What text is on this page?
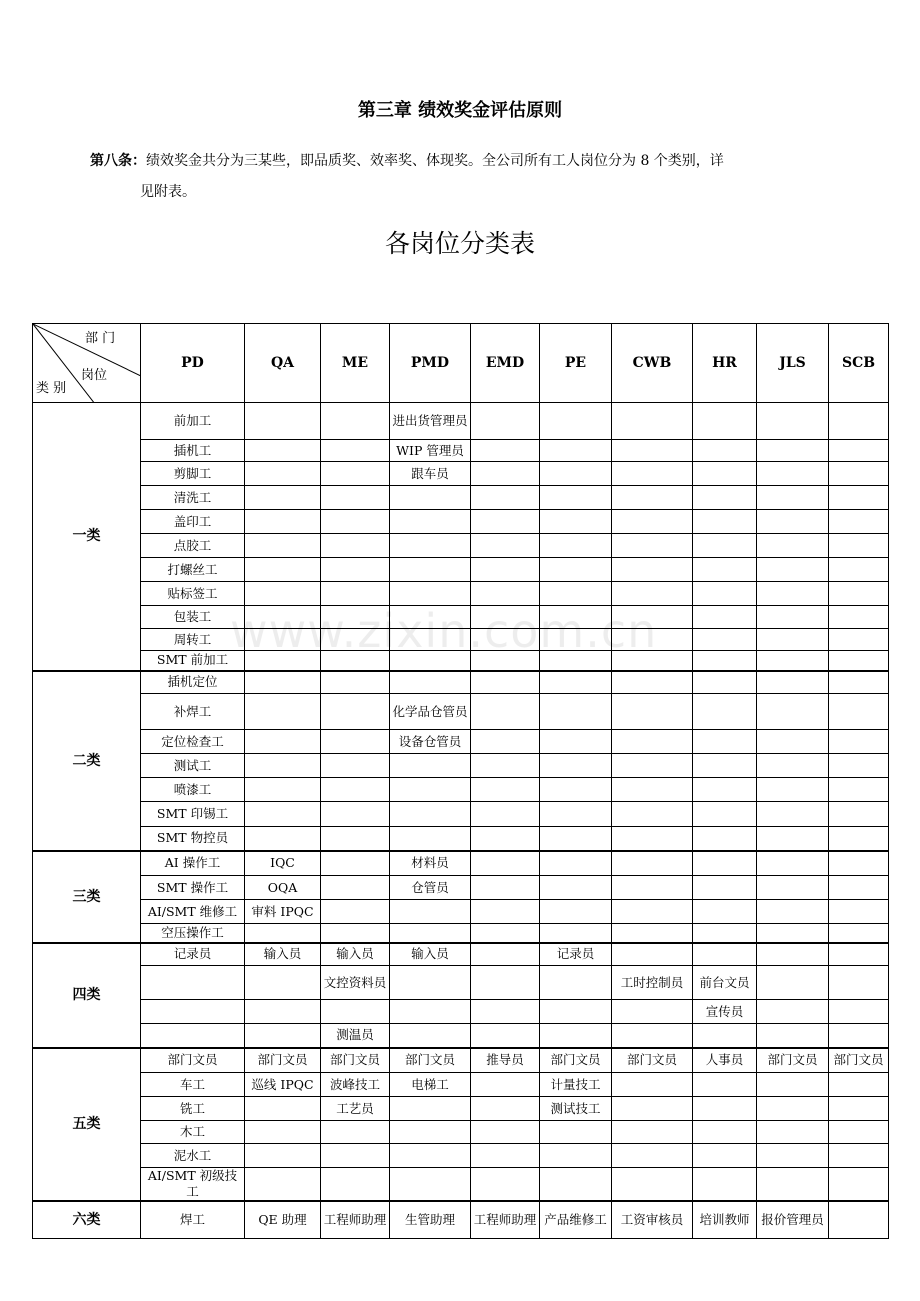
第三章 绩效奖金评估原则
第八条：绩效奖金共分为三某些，即品质奖、效率奖、体现奖。全公司所有工人岗位分为 8 个类别，详
见附表。
各岗位分类表
部 门
岗位
类 别	PD	QA	ME	PMD	EMD	PE	CWB	HR	JLS	SCB
一类	前加工			进出货管理员						
	插机工			WIP 管理员						
	剪脚工			跟车员						
	清洗工									
	盖印工									
	点胶工									
	打螺丝工									
	贴标签工									
	包装工									
	周转工									
	SMT 前加工									
二类	插机定位									
	补焊工			化学品仓管员						
	定位检查工			设备仓管员						
	测试工									
	喷漆工									
	SMT 印锡工									
	SMT 物控员									
三类	AI 操作工	IQC		材料员						
	SMT 操作工	OQA		仓管员						
	AI/SMT 维修工	审料 IPQC								
	空压操作工									
四类	记录员	输入员	输入员	输入员		记录员				
			文控资料员				工时控制员	前台文员		
								宣传员		
			测温员							
五类	部门文员	部门文员	部门文员	部门文员	推导员	部门文员	部门文员	人事员	部门文员	部门文员
	车工	巡线 IPQC	波峰技工	电梯工		计量技工				
	铣工		工艺员			测试技工				
	木工									
	泥水工									
	AI/SMT 初级技工									
六类	焊工	QE 助理	工程师助理	生管助理	工程师助理	产品维修工	工资审核员	培训教师	报价管理员	
www.zixin.com.cn
